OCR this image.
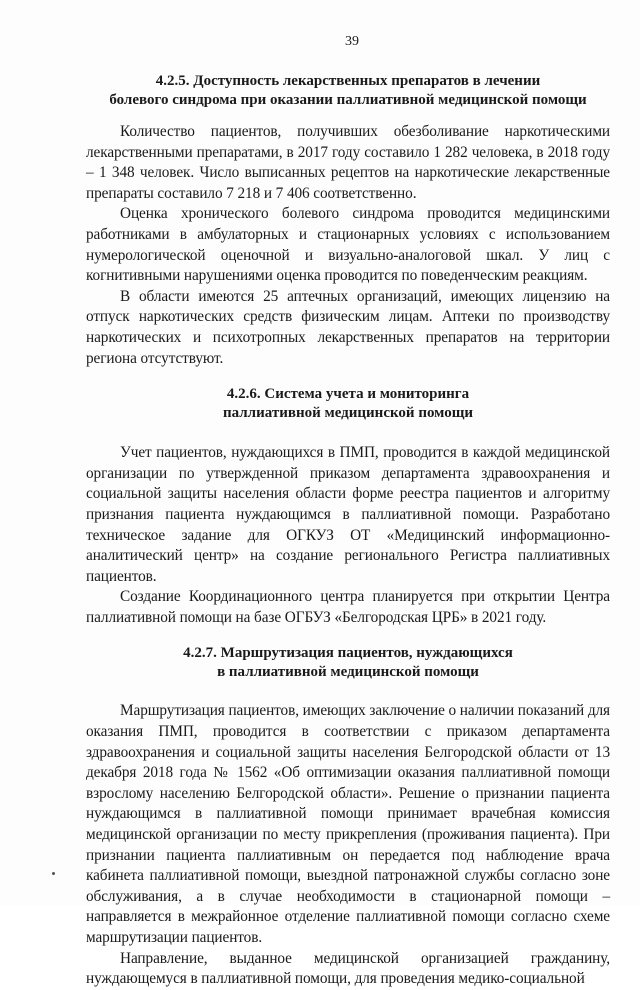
39
4.2.5. Доступность лекарственных препаратов в лечении
болевого синдрома при оказании паллиативной медицинской помощи

Количество пациентов, получивших обезболивание наркотическими лекарственными препаратами, в 2017 году составило 1 282 человека, в 2018 году – 1 348 человек. Число выписанных рецептов на наркотические лекарственные препараты составило 7 218 и 7 406 соответственно.

Оценка хронического болевого синдрома проводится медицинскими работниками в амбулаторных и стационарных условиях с использованием нумерологической оценочной и визуально-аналоговой шкал. У лиц с когнитивными нарушениями оценка проводится по поведенческим реакциям.

В области имеются 25 аптечных организаций, имеющих лицензию на отпуск наркотических средств физическим лицам. Аптеки по производству наркотических и психотропных лекарственных препаратов на территории региона отсутствуют.

4.2.6. Система учета и мониторинга
паллиативной медицинской помощи

Учет пациентов, нуждающихся в ПМП, проводится в каждой медицинской организации по утвержденной приказом департамента здравоохранения и социальной защиты населения области форме реестра пациентов и алгоритму признания пациента нуждающимся в паллиативной помощи. Разработано техническое задание для ОГКУЗ ОТ «Медицинский информационно-аналитический центр» на создание регионального Регистра паллиативных пациентов.

Создание Координационного центра планируется при открытии Центра паллиативной помощи на базе ОГБУЗ «Белгородская ЦРБ» в 2021 году.

4.2.7. Маршрутизация пациентов, нуждающихся
в паллиативной медицинской помощи

Маршрутизация пациентов, имеющих заключение о наличии показаний для оказания ПМП, проводится в соответствии с приказом департамента здравоохранения и социальной защиты населения Белгородской области от 13 декабря 2018 года № 1562 «Об оптимизации оказания паллиативной помощи взрослому населению Белгородской области». Решение о признании пациента нуждающимся в паллиативной помощи принимает врачебная комиссия медицинской организации по месту прикрепления (проживания пациента). При признании пациента паллиативным он передается под наблюдение врача кабинета паллиативной помощи, выездной патронажной службы согласно зоне обслуживания, а в случае необходимости в стационарной помощи – направляется в межрайонное отделение паллиативной помощи согласно схеме маршрутизации пациентов.

Направление, выданное медицинской организацией гражданину, нуждающемуся в паллиативной помощи, для проведения медико-социальной
